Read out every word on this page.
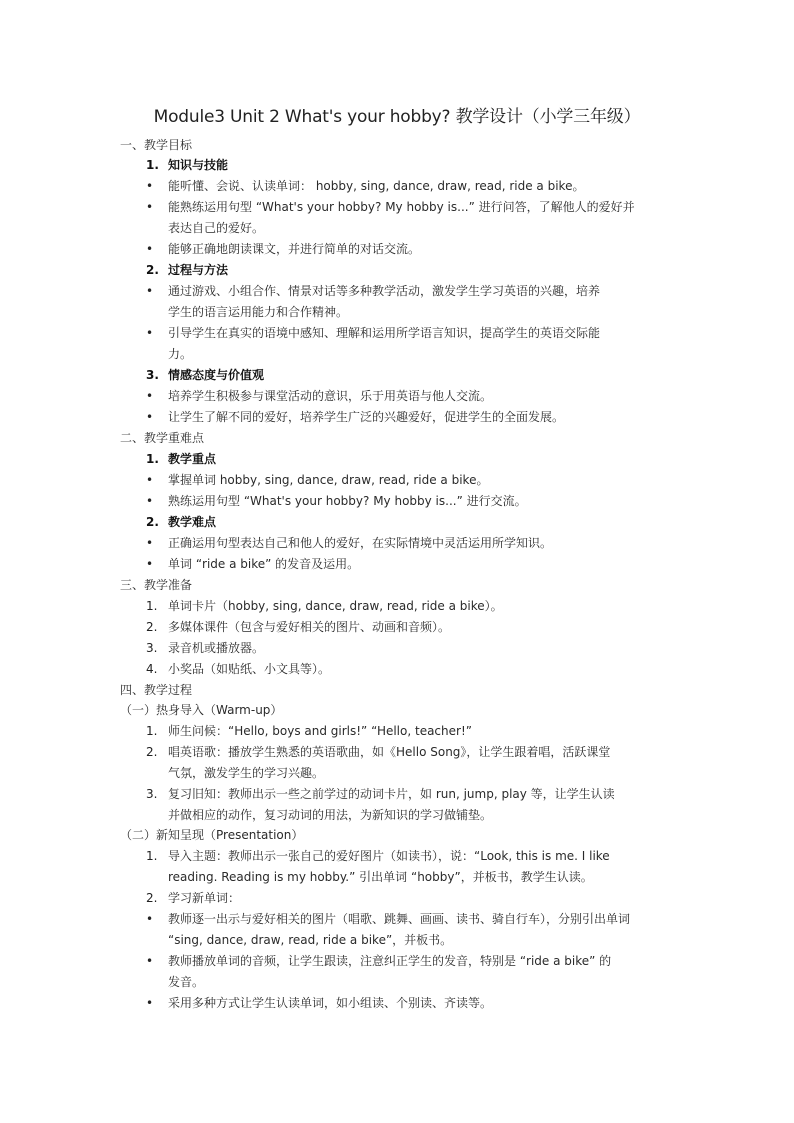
Module3 Unit 2 What's your hobby? 教学设计（小学三年级）
一、教学目标
1. 知识与技能
• 能听懂、会说、认读单词： hobby, sing, dance, draw, read, ride a bike。
• 能熟练运用句型 “What's your hobby? My hobby is...” 进行问答，了解他人的爱好并
表达自己的爱好。
• 能够正确地朗读课文，并进行简单的对话交流。
2. 过程与方法
• 通过游戏、小组合作、情景对话等多种教学活动，激发学生学习英语的兴趣，培养
学生的语言运用能力和合作精神。
• 引导学生在真实的语境中感知、理解和运用所学语言知识，提高学生的英语交际能
力。
3. 情感态度与价值观
• 培养学生积极参与课堂活动的意识，乐于用英语与他人交流。
• 让学生了解不同的爱好，培养学生广泛的兴趣爱好，促进学生的全面发展。
二、教学重难点
1. 教学重点
• 掌握单词 hobby, sing, dance, draw, read, ride a bike。
• 熟练运用句型 “What's your hobby? My hobby is...” 进行交流。
2. 教学难点
• 正确运用句型表达自己和他人的爱好，在实际情境中灵活运用所学知识。
• 单词 “ride a bike” 的发音及运用。
三、教学准备
1. 单词卡片（hobby, sing, dance, draw, read, ride a bike）。
2. 多媒体课件（包含与爱好相关的图片、动画和音频）。
3. 录音机或播放器。
4. 小奖品（如贴纸、小文具等）。
四、教学过程
（一）热身导入（Warm-up）
1. 师生问候：“Hello, boys and girls!” “Hello, teacher!”
2. 唱英语歌：播放学生熟悉的英语歌曲，如《Hello Song》，让学生跟着唱，活跃课堂
气氛，激发学生的学习兴趣。
3. 复习旧知：教师出示一些之前学过的动词卡片，如 run, jump, play 等，让学生认读
并做相应的动作，复习动词的用法，为新知识的学习做铺垫。
（二）新知呈现（Presentation）
1. 导入主题：教师出示一张自己的爱好图片（如读书），说：“Look, this is me. I like
reading. Reading is my hobby.” 引出单词 “hobby”，并板书，教学生认读。
2. 学习新单词：
• 教师逐一出示与爱好相关的图片（唱歌、跳舞、画画、读书、骑自行车），分别引出单词
“sing, dance, draw, read, ride a bike”，并板书。
• 教师播放单词的音频，让学生跟读，注意纠正学生的发音，特别是 “ride a bike” 的
发音。
• 采用多种方式让学生认读单词，如小组读、个别读、齐读等。
